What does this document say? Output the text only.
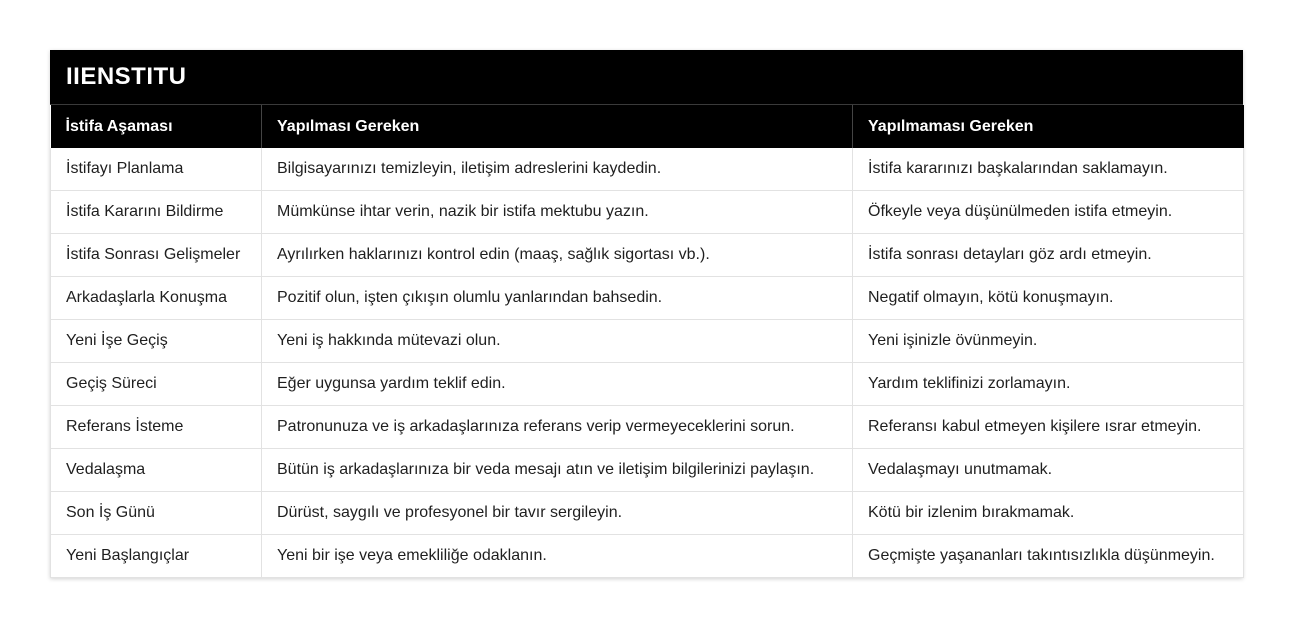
IIENSTITU
İstifa Aşaması	Yapılması Gereken	Yapılmaması Gereken
İstifayı Planlama	Bilgisayarınızı temizleyin, iletişim adreslerini kaydedin.	İstifa kararınızı başkalarından saklamayın.
İstifa Kararını Bildirme	Mümkünse ihtar verin, nazik bir istifa mektubu yazın.	Öfkeyle veya düşünülmeden istifa etmeyin.
İstifa Sonrası Gelişmeler	Ayrılırken haklarınızı kontrol edin (maaş, sağlık sigortası vb.).	İstifa sonrası detayları göz ardı etmeyin.
Arkadaşlarla Konuşma	Pozitif olun, işten çıkışın olumlu yanlarından bahsedin.	Negatif olmayın, kötü konuşmayın.
Yeni İşe Geçiş	Yeni iş hakkında mütevazi olun.	Yeni işinizle övünmeyin.
Geçiş Süreci	Eğer uygunsa yardım teklif edin.	Yardım teklifinizi zorlamayın.
Referans İsteme	Patronunuza ve iş arkadaşlarınıza referans verip vermeyeceklerini sorun.	Referansı kabul etmeyen kişilere ısrar etmeyin.
Vedalaşma	Bütün iş arkadaşlarınıza bir veda mesajı atın ve iletişim bilgilerinizi paylaşın.	Vedalaşmayı unutmamak.
Son İş Günü	Dürüst, saygılı ve profesyonel bir tavır sergileyin.	Kötü bir izlenim bırakmamak.
Yeni Başlangıçlar	Yeni bir işe veya emekliliğe odaklanın.	Geçmişte yaşananları takıntısızlıkla düşünmeyin.
